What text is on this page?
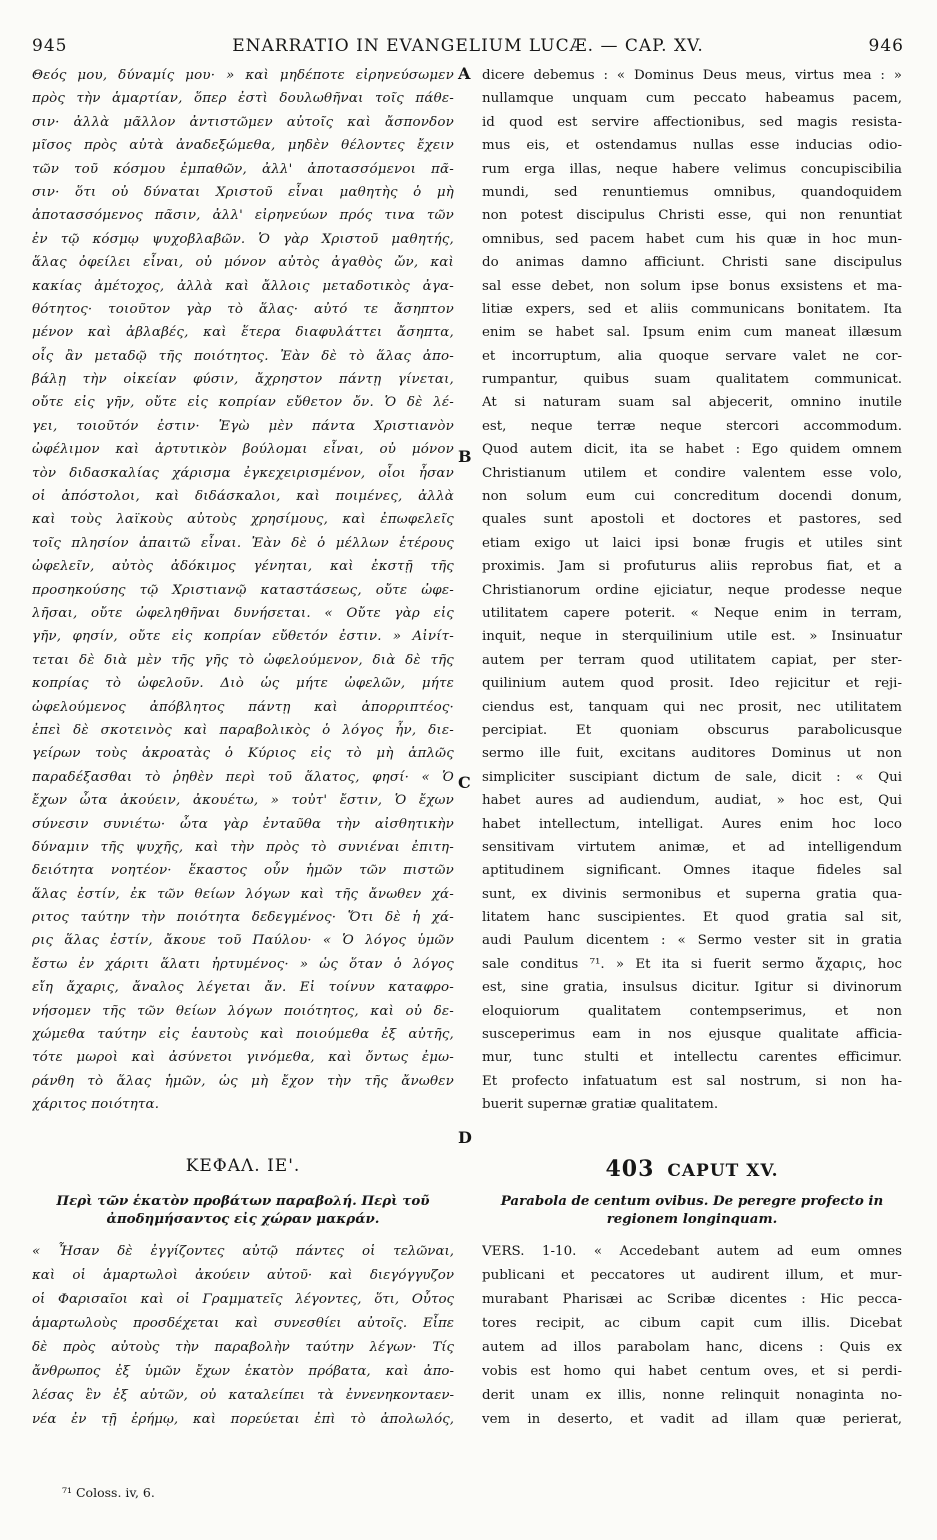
945	ENARRATIO IN EVANGELIUM LUCÆ. — CAP. XV.	946
Θεός μου, δύναμίς μου· » καὶ μηδέποτε εἰρηνεύσωμεν
πρὸς τὴν ἁμαρτίαν, ὅπερ ἐστὶ δουλωθῆναι τοῖς πάθε-
σιν· ἀλλὰ μᾶλλον ἀντιστῶμεν αὐτοῖς καὶ ἄσπονδον
μῖσος πρὸς αὐτὰ ἀναδεξώμεθα, μηδὲν θέλοντες ἔχειν
τῶν τοῦ κόσμου ἐμπαθῶν, ἀλλ' ἀποτασσόμενοι πᾶ-
σιν· ὅτι οὐ δύναται Χριστοῦ εἶναι μαθητὴς ὁ μὴ
ἀποτασσόμενος πᾶσιν, ἀλλ' εἰρηνεύων πρός τινα τῶν
ἐν τῷ κόσμῳ ψυχοβλαβῶν. Ὁ γὰρ Χριστοῦ μαθητής,
ἅλας ὀφείλει εἶναι, οὐ μόνον αὐτὸς ἀγαθὸς ὤν, καὶ
κακίας ἀμέτοχος, ἀλλὰ καὶ ἄλλοις μεταδοτικὸς ἀγα-
θότητος· τοιοῦτον γὰρ τὸ ἅλας· αὐτό τε ἄσηπτον
μένον καὶ ἀβλαβές, καὶ ἕτερα διαφυλάττει ἄσηπτα,
οἷς ἂν μεταδῷ τῆς ποιότητος. Ἐὰν δὲ τὸ ἅλας ἀπο-
βάλῃ τὴν οἰκείαν φύσιν, ἄχρηστον πάντῃ γίνεται,
οὔτε εἰς γῆν, οὔτε εἰς κοπρίαν εὔθετον ὄν. Ὁ δὲ λέ-
γει, τοιοῦτόν ἐστιν· Ἐγὼ μὲν πάντα Χριστιανὸν
ὠφέλιμον καὶ ἀρτυτικὸν βούλομαι εἶναι, οὐ μόνον
τὸν διδασκαλίας χάρισμα ἐγκεχειρισμένον, οἷοι ἦσαν
οἱ ἀπόστολοι, καὶ διδάσκαλοι, καὶ ποιμένες, ἀλλὰ
καὶ τοὺς λαϊκοὺς αὐτοὺς χρησίμους, καὶ ἐπωφελεῖς
τοῖς πλησίον ἀπαιτῶ εἶναι. Ἐὰν δὲ ὁ μέλλων ἑτέρους
ὠφελεῖν, αὐτὸς ἀδόκιμος γένηται, καὶ ἐκστῇ τῆς
προσηκούσης τῷ Χριστιανῷ καταστάσεως, οὔτε ὠφε-
λῆσαι, οὔτε ὠφεληθῆναι δυνήσεται. « Οὔτε γὰρ εἰς
γῆν, φησίν, οὔτε εἰς κοπρίαν εὔθετόν ἐστιν. » Αἰνίτ-
τεται δὲ διὰ μὲν τῆς γῆς τὸ ὠφελούμενον, διὰ δὲ τῆς
κοπρίας τὸ ὠφελοῦν. Διὸ ὡς μήτε ὠφελῶν, μήτε
ὠφελούμενος ἀπόβλητος πάντῃ καὶ ἀπορριπτέος·
ἐπεὶ δὲ σκοτεινὸς καὶ παραβολικὸς ὁ λόγος ἦν, διε-
γείρων τοὺς ἀκροατὰς ὁ Κύριος εἰς τὸ μὴ ἁπλῶς
παραδέξασθαι τὸ ῥηθὲν περὶ τοῦ ἅλατος, φησί· « Ὁ
ἔχων ὦτα ἀκούειν, ἀκουέτω, » τοὐτ' ἔστιν, Ὁ ἔχων
σύνεσιν συνιέτω· ὦτα γὰρ ἐνταῦθα τὴν αἰσθητικὴν
δύναμιν τῆς ψυχῆς, καὶ τὴν πρὸς τὸ συνιέναι ἐπιτη-
δειότητα νοητέον· ἕκαστος οὖν ἡμῶν τῶν πιστῶν
ἅλας ἐστίν, ἐκ τῶν θείων λόγων καὶ τῆς ἄνωθεν χά-
ριτος ταύτην τὴν ποιότητα δεδεγμένος· Ὅτι δὲ ἡ χά-
ρις ἅλας ἐστίν, ἄκουε τοῦ Παύλου· « Ὁ λόγος ὑμῶν
ἔστω ἐν χάριτι ἅλατι ἠρτυμένος· » ὡς ὅταν ὁ λόγος
εἴη ἄχαρις, ἄναλος λέγεται ἄν. Εἰ τοίνυν καταφρο-
νήσομεν τῆς τῶν θείων λόγων ποιότητος, καὶ οὐ δε-
χώμεθα ταύτην εἰς ἑαυτοὺς καὶ ποιούμεθα ἐξ αὐτῆς,
τότε μωροὶ καὶ ἀσύνετοι γινόμεθα, καὶ ὄντως ἐμω-
ράνθη τὸ ἅλας ἡμῶν, ὡς μὴ ἔχον τὴν τῆς ἄνωθεν
χάριτος ποιότητα.
dicere debemus : « Dominus Deus meus, virtus mea : »
nullamque unquam cum peccato habeamus pacem,
id quod est servire affectionibus, sed magis resista-
mus eis, et ostendamus nullas esse inducias odio-
rum erga illas, neque habere velimus concupiscibilia
mundi, sed renuntiemus omnibus, quandoquidem
non potest discipulus Christi esse, qui non renuntiat
omnibus, sed pacem habet cum his quæ in hoc mun-
do animas damno afficiunt. Christi sane discipulus
sal esse debet, non solum ipse bonus exsistens et ma-
litiæ expers, sed et aliis communicans bonitatem. Ita
enim se habet sal. Ipsum enim cum maneat illæsum
et incorruptum, alia quoque servare valet ne cor-
rumpantur, quibus suam qualitatem communicat.
At si naturam suam sal abjecerit, omnino inutile
est, neque terræ neque stercori accommodum.
Quod autem dicit, ita se habet : Ego quidem omnem
Christianum utilem et condire valentem esse volo,
non solum eum cui concreditum docendi donum,
quales sunt apostoli et doctores et pastores, sed
etiam exigo ut laici ipsi bonæ frugis et utiles sint
proximis. Jam si profuturus aliis reprobus fiat, et a
Christianorum ordine ejiciatur, neque prodesse neque
utilitatem capere poterit. « Neque enim in terram,
inquit, neque in sterquilinium utile est. » Insinuatur
autem per terram quod utilitatem capiat, per ster-
quilinium autem quod prosit. Ideo rejicitur et reji-
ciendus est, tanquam qui nec prosit, nec utilitatem
percipiat. Et quoniam obscurus parabolicusque
sermo ille fuit, excitans auditores Dominus ut non
simpliciter suscipiant dictum de sale, dicit : « Qui
habet aures ad audiendum, audiat, » hoc est, Qui
habet intellectum, intelligat. Aures enim hoc loco
sensitivam virtutem animæ, et ad intelligendum
aptitudinem significant. Omnes itaque fideles sal
sunt, ex divinis sermonibus et superna gratia qua-
litatem hanc suscipientes. Et quod gratia sal sit,
audi Paulum dicentem : « Sermo vester sit in gratia
sale conditus ⁷¹. » Et ita si fuerit sermo ἄχαρις, hoc
est, sine gratia, insulsus dicitur. Igitur si divinorum
eloquiorum qualitatem contempserimus, et non
susceperimus eam in nos ejusque qualitate afficia-
mur, tunc stulti et intellectu carentes efficimur.
Et profecto infatuatum est sal nostrum, si non ha-
buerit supernæ gratiæ qualitatem.
A
B
C
D
ΚΕΦΑΛ. ΙΕ'.	403 CAPUT XV.
Περὶ τῶν ἑκατὸν προβάτων παραβολή. Περὶ τοῦ ἀποδημήσαντος εἰς χώραν μακράν.
Parabola de centum ovibus. De peregre profecto in regionem longinquam.
« Ἦσαν δὲ ἐγγίζοντες αὐτῷ πάντες οἱ τελῶναι,
καὶ οἱ ἁμαρτωλοὶ ἀκούειν αὐτοῦ· καὶ διεγόγγυζον
οἱ Φαρισαῖοι καὶ οἱ Γραμματεῖς λέγοντες, ὅτι, Οὗτος
ἁμαρτωλοὺς προσδέχεται καὶ συνεσθίει αὐτοῖς. Εἶπε
δὲ πρὸς αὐτοὺς τὴν παραβολὴν ταύτην λέγων· Τίς
ἄνθρωπος ἐξ ὑμῶν ἔχων ἑκατὸν πρόβατα, καὶ ἀπο-
λέσας ἓν ἐξ αὐτῶν, οὐ καταλείπει τὰ ἐννενηκονταεν-
νέα ἐν τῇ ἐρήμῳ, καὶ πορεύεται ἐπὶ τὸ ἀπολωλός,
VERS. 1-10. « Accedebant autem ad eum omnes
publicani et peccatores ut audirent illum, et mur-
murabant Pharisæi ac Scribæ dicentes : Hic pecca-
tores recipit, ac cibum capit cum illis. Dicebat
autem ad illos parabolam hanc, dicens : Quis ex
vobis est homo qui habet centum oves, et si perdi-
derit unam ex illis, nonne relinquit nonaginta no-
vem in deserto, et vadit ad illam quæ perierat,
⁷¹ Coloss. iv, 6.
